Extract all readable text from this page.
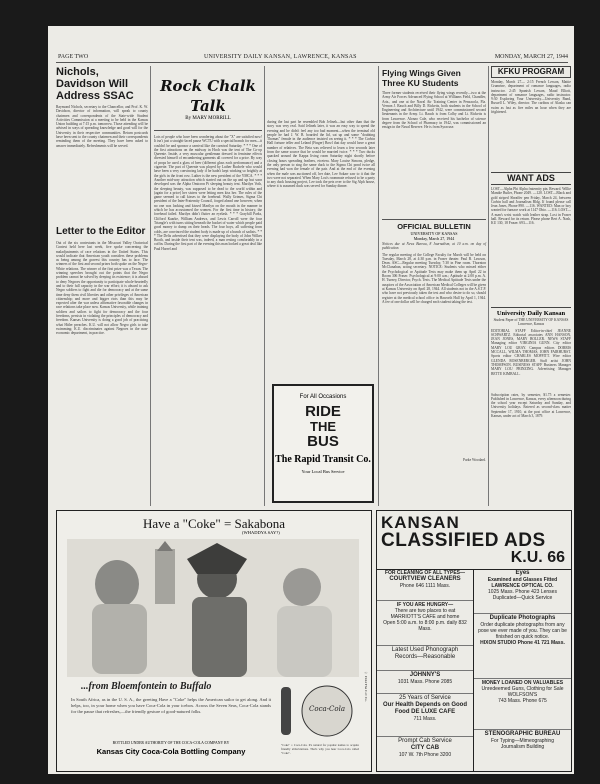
PAGE TWO	UNIVERSITY DAILY KANSAN, LAWRENCE, KANSAS	MONDAY, MARCH 27, 1944
Nichols, Davidson Will Address SSAC
Raymond Nichols, secretary to the Chancellor, and Prof. K. W. Davidson, director of information, will speak to county chairmen and correspondents of the State-wide Student Activities Commission at a meeting to be held in the Kansas Union building at 7:15 p.m. tomorrow. Those attending will be advised in ways of spreading knowledge and good will for the University in their respective communities. Return postcards have been sent to the county chairmen and their correspondents reminding them of the meeting. They have been asked to answer immediately. Refreshments will be served.
Letter to the Editor
Out of the six contestants in the Missouri Valley Oratorical Contest held here last week, five spoke concerning the maladjustments of race relations in the United States. This would indicate that American youth considers these problems as being among the gravest this country has to face. The winners of the first and second prizes both spoke on the Negro-White relations. The winner of the first prize was a Texan. The winning speeches brought out the points that the Negro problem cannot be solved by denying its existence; it is absurd to deny Negroes the opportunity to participate whole-heartedly and to their full capacity in the war effort; it is absurd to ask Negro soldiers to fight and die for democracy and at the same time deny them civil liberties and other privileges of American citizenship; and more and bigger riots than this may be expected after the war unless affirmative favorable changes in race relations take place now. Kansas University, while training soldiers and sailors to fight for democracy and the four freedoms, persists in violating the principles of democracy and freedom. Kansas University is doing a good job of practicing what Hitler preaches. K.U. will not allow Negro girls to take swimming; K.U. discriminates against Negroes in the non-economic department, in practice.
Rock Chalk Talk
By MARY MORRILL
Lots of people who have been wondering about the "X" are satisfied now! It isn't just a straight-laced pause WCTU with a special branch for men—it couldn't be and sponsor a carnival like the carnival Saturday. * * * One of the first attractions on the midway in Hoch was the tent of The Co-op Queenie. Inside, a very muscular gentleman dressed in feminine effects divested himself of encumbering garments all covered for a price. By way of props he used a glass of beer (different glass each performance) and a cigarette. The part of Queenie was played by Luther Buchele who would have been a very convincing lady if he hadn't kept winking so brightly at the girls in the front row. Luther is the new president of the YMCA. * * * Another mid-way attraction which started out on the up and up but soon developed was the Alpha Omicron Pi sleeping beauty tent. Marilyn Voth, the sleeping beauty, was supposed to be dead to the world within and (again for a price) her sisters were letting men kiss her. The rules of the game seemed to call kisses to the forehead. Wally Grimes, Sigma Chi president of the Inter-Fraternity Council, forged ahead one however, when no one was looking and kissed Marilyn on the mouth in the manner in which he has accustomed the women. For the first time in history, the forehead failed. Marilyn didn't flutter an eyelash. * * * Grayhill Parks, Clifford Kaarke, William Andrews, and Lewis Carroll were the four Triangle's with turns sitting beneath the bucket of water which people paid good money to dump on their heads. The four boys, all suffering from colds, are convinced the student body is made up of a bunch of sadists. * * * The Delts advertised that they were displaying the body of John Wilkes Booth, and inside their tent was, indeed, a man resting comfortably in a coffin. During the first part of the evening this man looked a great deal like Paul Hurrel and
during the last part he resembled Bob Jelinek—but other than that the story was very real. Said Jelinek later, it was an easy way to spend the evening and he didn't feel any too bad moment—when the terminal old people he had J. W. B. boarded the lid, sat up and some "doubting Thomas" female in the audience insisted on seeing it. * * * The Corbin Hall fortune teller and Leland (Finger) Bowl that day would have a great number of relatives. The Beta was relieved to learn a few seconds later from the same source that he would be married twice. * * * Two ducks quacked around the Kappa living room Saturday night shortly before closing hours spreading feathers, etcetera. Mary Louise Simons, pledge, the only person to sing the same duck to the Sigma Chi pond twice all evening had won the female of the pair. And at the end of the evening when the male was auctioned off, her date, Lee Sokarr saw to it that the two were not separated. When Mary Lou's roommate refused to be a party to any duck housing project, Lee took the pets over to the Sig Alph house, where it is assumed duck was served for Sunday dinner.
For All Occasions
RIDE
THE
BUS
The Rapid Transit Co.
Your Local Bus Service
Flying Wings Given Three KU Students
Three former students received their flying wings recently—two at the Army Air Forces Advanced Flying School at Williams Field, Chandler, Ariz., and one at the Naval Air Training Center in Pensacola, Fla. Vernon J. Rauch and Billy D. Ricketts, both students in the School of Engineering and Architecture until 1942, were commissioned second lieutenants in the Army. Lt. Rauch is from Colby and Lt. Ricketts is from Lawrence. Alonzo Cale, who received his bachelor of science degree from the School of Pharmacy in 1942, was commissioned an ensign in the Naval Reserve. He is from Syracuse.
OFFICIAL BULLETIN
UNIVERSITY OF KANSAS
Monday, March 27, 1944
Notices due at News Bureau, 8 Journalism, at 10 a.m. on day of publication.
The regular meeting of the College Faculty for March will be held on Tuesday, March 28, at 4:30 p.m. in Fraser theater. Paul B. Lawson, Dean. ASC—Regular meeting Tuesday, 7:30 in Pine room. Thornton McClanahan, acting secretary. NOTICE: Students who missed either the Psychological or Aptitude Tests may make them up April 22 in Room 306 Fraser. Psychological at 9:00 a.m.; Aptitude at 2:00 p.m. A. H. Turney, Director, Psych. Tests. The Medical Aptitude Tests under the auspices of the Association of American Medical Colleges will be given at Kansas University on April 28, 1944. All students not in the A.S.T.P. who have not previously taken the test and who desire to do so, should register at the medical school office in Haworth Hall by April 1, 1944. A fee of one dollar will be charged each student taking the test.
Parke Woodard.
KFKU PROGRAM
Monday, March 27— 2:15 French Lesson, Mattie Crumrine, department of romance languages, radio instructor. 2:45 Spanish Lesson, Maud Elliott, department of romance languages, radio instructor. 9:30 Exploring Your University—University Band, Russell L. Wiley, director. The caribou of Alaska can swim as fast as five miles an hour when they are frightened.
WANT ADS
LOST—Alpha Phi Alpha fraternity pin. Reward. Willie Mandie Butler, Phone 2049. —120. LOST—Black and gold striped Sheaffer pen Friday, March 24, between Corbin hall and Journalism Bldg. If found please call Jean Jones, Phone 890. —116. WANTED: Man or boy wanted for furnace work at 1147 Ohio. —116. LOST—A man's wrist watch with leather strap. Lost in Fraser hall. Reward for its return. Please phone Bert A. Nash, KU 130, 18 Fraser. 693—116.
University Daily Kansan
Student Paper of THE UNIVERSITY OF KANSAS Lawrence, Kansas
EDITORIAL STAFF Editor-in-chief JEANNE SCHWARTZ. Editorial associates ANN HANSON, JEAN JONES, MARY BOLLER. NEWS STAFF Managing editor VIRGINIA GUNN. City editor MARY LOU GRAY. Campus editors DORRIS MCCALL, WILMA THOMAS, JOHN FAIRHURST. Sports editor CHARLES MOFFITT. Wire editor GLENDA ROSENBERGER. Staff artist JOHN THOMPSON. BUSINESS STAFF Business Manager MARY LOU PRINZING. Advertising Manager BETTE KIMBALL.
Subscription rates, by semester, $1.75 a semester. Published in Lawrence, Kansas, every afternoon during the school year except Saturday and Sunday, and University holidays. Entered as second-class matter September 17, 1910, at the post office at Lawrence, Kansas, under act of March 3, 1879.
Have a "Coke" = Sakabona
(WHADDYA SAY?)
...from Bloemfontein to Buffalo
In South Africa, as in the U. S. A., the greeting Have a "Coke" helps the American sailor to get along. And it helps, too, in your home when you have Coca-Cola in your icebox. Across the Seven Seas, Coca-Cola stands for the pause that refreshes,—the friendly gesture of good-natured folks.
BOTTLED UNDER AUTHORITY OF THE COCA-COLA COMPANY BY
Kansas City Coca-Cola Bottling Company
Coca-Cola
"Coke" = Coca-Cola. It's natural for popular names to acquire friendly abbreviations. That's why you hear Coca-Cola called "Coke".
© 1944 The C-C Co.
KANSAN
CLASSIFIED ADS
K.U. 66
FOR CLEANING OF ALL TYPES—
COURTVIEW CLEANERS
Phone 646 1111 Mass.
IF YOU ARE HUNGRY—
There are two places to eat MARRIOTT'S CAFE and home
Open 5:00 a.m. to 8:00 p.m. daily 832 Mass.
Latest Used Phonograph
Records—Reasonable
JOHNNY'S
1031 Mass. Phone 2085
25 Years of Service
Our Health Depends on Good Food DE LUXE CAFE
711 Mass.
Prompt Cab Service
CITY CAB
107 W. 7th Phone 3200
Eyes
Examined and Glasses Fitted LAWRENCE OPTICAL CO.
1025 Mass. Phone 423 Lenses Duplicated—Quick Service
Duplicate Photographs
Order duplicate photographs from any pose we ever made of you. They can be finished on quick notice.
HIXON STUDIO Phone 41 721 Mass.
MONEY LOANED ON VALUABLES
Unredeemed Guns, Clothing for Sale WOLFSON'S
743 Mass. Phone 675
STENOGRAPHIC BUREAU
For Typing—Mimeographing
Journalism Building
